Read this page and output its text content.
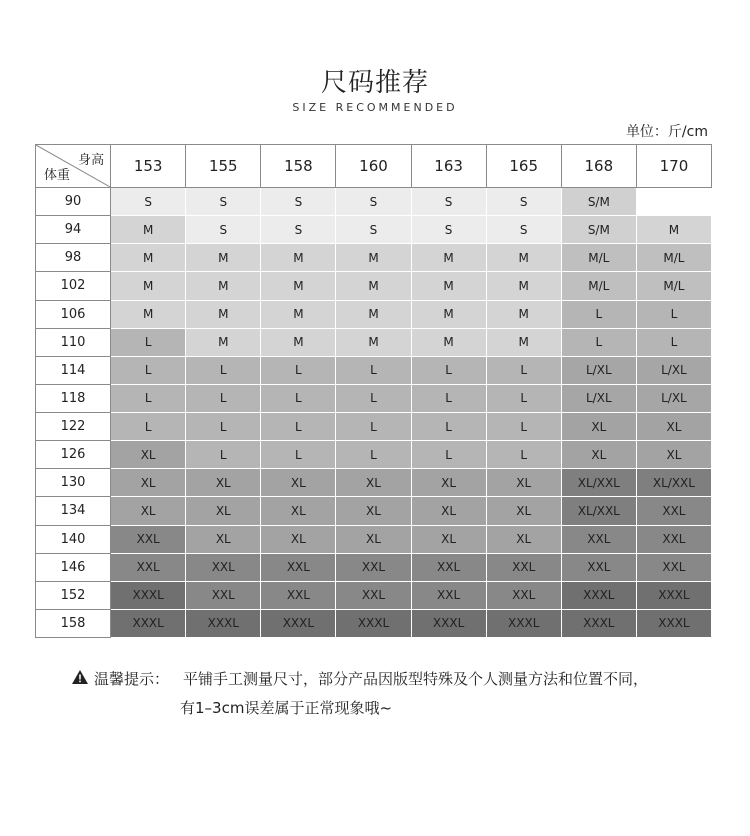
尺码推荐
SIZE RECOMMENDED
单位：斤/cm
身高
体重	153	155	158	160	163	165	168	170
90	S	S	S	S	S	S	S/M	
94	M	S	S	S	S	S	S/M	M
98	M	M	M	M	M	M	M/L	M/L
102	M	M	M	M	M	M	M/L	M/L
106	M	M	M	M	M	M	L	L
110	L	M	M	M	M	M	L	L
114	L	L	L	L	L	L	L/XL	L/XL
118	L	L	L	L	L	L	L/XL	L/XL
122	L	L	L	L	L	L	XL	XL
126	XL	L	L	L	L	L	XL	XL
130	XL	XL	XL	XL	XL	XL	XL/XXL	XL/XXL
134	XL	XL	XL	XL	XL	XL	XL/XXL	XXL
140	XXL	XL	XL	XL	XL	XL	XXL	XXL
146	XXL	XXL	XXL	XXL	XXL	XXL	XXL	XXL
152	XXXL	XXL	XXL	XXL	XXL	XXL	XXXL	XXXL
158	XXXL	XXXL	XXXL	XXXL	XXXL	XXXL	XXXL	XXXL
温馨提示： 平铺手工测量尺寸，部分产品因版型特殊及个人测量方法和位置不同，
有1–3cm误差属于正常现象哦~
